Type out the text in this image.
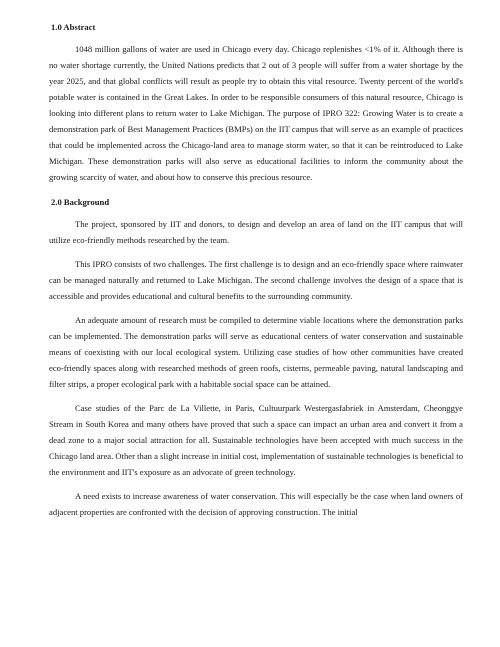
1.0 Abstract

1048 million gallons of water are used in Chicago every day. Chicago replenishes <1% of it. Although there is no water shortage currently, the United Nations predicts that 2 out of 3 people will suffer from a water shortage by the year 2025, and that global conflicts will result as people try to obtain this vital resource. Twenty percent of the world's potable water is contained in the Great Lakes. In order to be responsible consumers of this natural resource, Chicago is looking into different plans to return water to Lake Michigan. The purpose of IPRO 322: Growing Water is to create a demonstration park of Best Management Practices (BMPs) on the IIT campus that will serve as an example of practices that could be implemented across the Chicago-land area to manage storm water, so that it can be reintroduced to Lake Michigan. These demonstration parks will also serve as educational facilities to inform the community about the growing scarcity of water, and about how to conserve this precious resource.

2.0 Background

The project, sponsored by IIT and donors, to design and develop an area of land on the IIT campus that will utilize eco-friendly methods researched by the team.

This IPRO consists of two challenges. The first challenge is to design and an eco-friendly space where rainwater can be managed naturally and returned to Lake Michigan. The second challenge involves the design of a space that is accessible and provides educational and cultural benefits to the surrounding community.

An adequate amount of research must be compiled to determine viable locations where the demonstration parks can be implemented. The demonstration parks will serve as educational centers of water conservation and sustainable means of coexisting with our local ecological system. Utilizing case studies of how other communities have created eco-friendly spaces along with researched methods of green roofs, cisterns, permeable paving, natural landscaping and filter strips, a proper ecological park with a habitable social space can be attained.

Case studies of the Parc de La Villette, in Paris, Cultuurpark Westergasfabriek in Amsterdam, Cheonggye Stream in South Korea and many others have proved that such a space can impact an urban area and convert it from a dead zone to a major social attraction for all. Sustainable technologies have been accepted with much success in the Chicago land area. Other than a slight increase in initial cost, implementation of sustainable technologies is beneficial to the environment and IIT's exposure as an advocate of green technology.

A need exists to increase awareness of water conservation. This will especially be the case when land owners of adjacent properties are confronted with the decision of approving construction. The initial
